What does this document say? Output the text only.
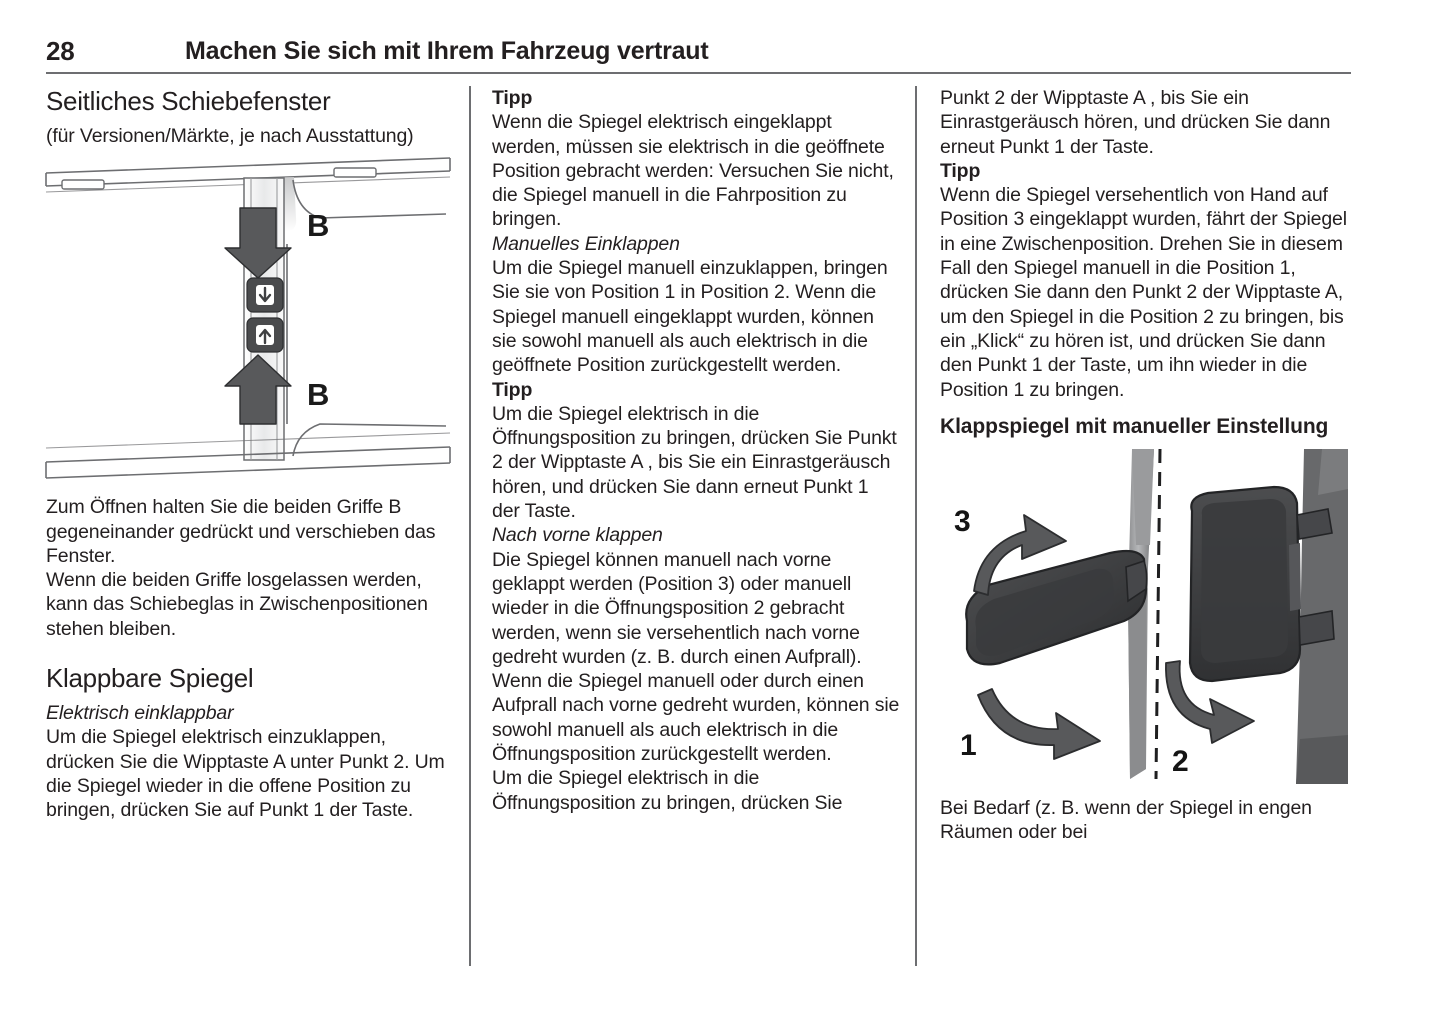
28	Machen Sie sich mit Ihrem Fahrzeug vertraut
Seitliches Schiebefenster

(für Versionen/Märkte, je nach Ausstattung)

B
B

Zum Öffnen halten Sie die beiden Griffe B gegeneinander gedrückt und verschieben das Fenster.

Wenn die beiden Griffe losgelassen werden, kann das Schiebeglas in Zwischenpositionen stehen bleiben.

Klappbare Spiegel

Elektrisch einklappbar

Um die Spiegel elektrisch einzuklappen, drücken Sie die Wipptaste A unter Punkt 2. Um die Spiegel wieder in die offene Position zu bringen, drücken Sie auf Punkt 1 der Taste.

Tipp

Wenn die Spiegel elektrisch eingeklappt werden, müssen sie elektrisch in die geöffnete Position gebracht werden: Versuchen Sie nicht, die Spiegel manuell in die Fahrposition zu bringen.

Manuelles Einklappen

Um die Spiegel manuell einzuklappen, bringen Sie sie von Position 1 in Position 2. Wenn die Spiegel manuell eingeklappt wurden, können sie sowohl manuell als auch elektrisch in die geöffnete Position zurückgestellt werden.

Tipp

Um die Spiegel elektrisch in die Öffnungsposition zu bringen, drücken Sie Punkt 2 der Wipptaste A , bis Sie ein Einrastgeräusch hören, und drücken Sie dann erneut Punkt 1 der Taste.

Nach vorne klappen

Die Spiegel können manuell nach vorne geklappt werden (Position 3) oder manuell wieder in die Öffnungsposition 2 gebracht werden, wenn sie versehentlich nach vorne gedreht wurden (z. B. durch einen Aufprall).

Wenn die Spiegel manuell oder durch einen Aufprall nach vorne gedreht wurden, können sie sowohl manuell als auch elektrisch in die Öffnungsposition zurückgestellt werden.

Um die Spiegel elektrisch in die Öffnungsposition zu bringen, drücken Sie

Punkt 2 der Wipptaste A , bis Sie ein Einrastgeräusch hören, und drücken Sie dann erneut Punkt 1 der Taste.

Tipp

Wenn die Spiegel versehentlich von Hand auf Position 3 eingeklappt wurden, fährt der Spiegel in eine Zwischenposition. Drehen Sie in diesem Fall den Spiegel manuell in die Position 1, drücken Sie dann den Punkt 2 der Wipptaste A, um den Spiegel in die Position 2 zu bringen, bis ein „Klick“ zu hören ist, und drücken Sie dann den Punkt 1 der Taste, um ihn wieder in die Position 1 zu bringen.

Klappspiegel mit manueller Einstellung
3
1	2

Bei Bedarf (z. B. wenn der Spiegel in engen Räumen oder bei
